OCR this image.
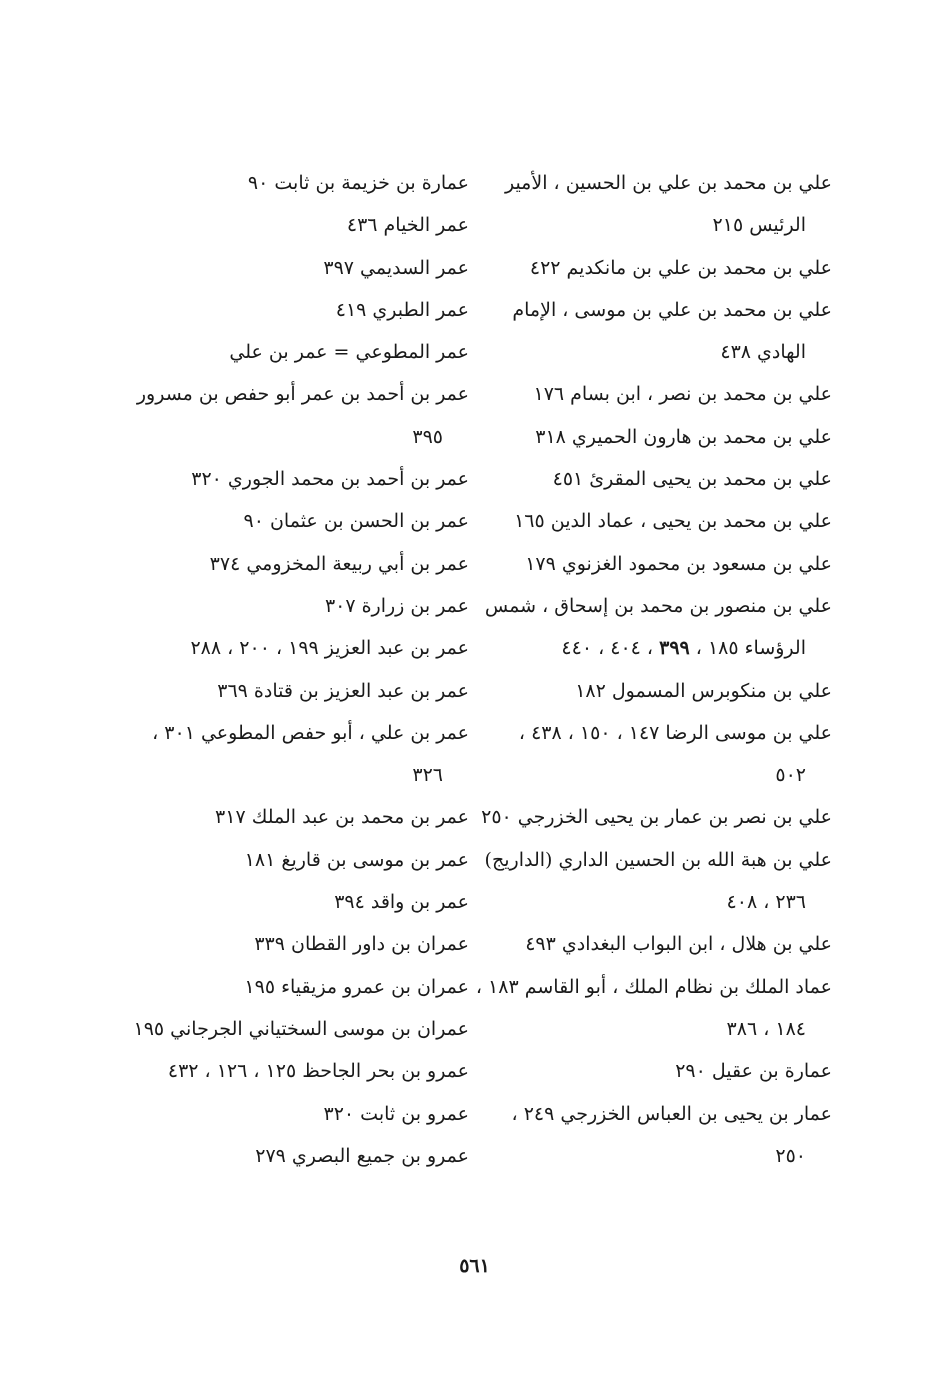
علي بن محمد بن علي بن الحسين ، الأمير
الرئيس ٢١٥
علي بن محمد بن علي بن مانكديم ٤٢٢
علي بن محمد بن علي بن موسى ، الإمام
الهادي ٤٣٨
علي بن محمد بن نصر ، ابن بسام ١٧٦
علي بن محمد بن هارون الحميري ٣١٨
علي بن محمد بن يحيى المقرئ ٤٥١
علي بن محمد بن يحيى ، عماد الدين ١٦٥
علي بن مسعود بن محمود الغزنوي ١٧٩
علي بن منصور بن محمد بن إسحاق ، شمس
الرؤساء ١٨٥ ، ٣٩٩ ، ٤٠٤ ، ٤٤٠
علي بن منكوبرس المسمول ١٨٢
علي بن موسى الرضا ١٤٧ ، ١٥٠ ، ٤٣٨ ،
٥٠٢
علي بن نصر بن عمار بن يحيى الخزرجي ٢٥٠
علي بن هبة الله بن الحسين الداري (الداريج)
٢٣٦ ، ٤٠٨
علي بن هلال ، ابن البواب البغدادي ٤٩٣
عماد الملك بن نظام الملك ، أبو القاسم ١٨٣ ،
١٨٤ ، ٣٨٦
عمارة بن عقيل ٢٩٠
عمار بن يحيى بن العباس الخزرجي ٢٤٩ ،
٢٥٠
عمارة بن خزيمة بن ثابت ٩٠
عمر الخيام ٤٣٦
عمر السديمي ٣٩٧
عمر الطبري ٤١٩
عمر المطوعي = عمر بن علي
عمر بن أحمد بن عمر أبو حفص بن مسرور
٣٩٥
عمر بن أحمد بن محمد الجوري ٣٢٠
عمر بن الحسن بن عثمان ٩٠
عمر بن أبي ربيعة المخزومي ٣٧٤
عمر بن زرارة ٣٠٧
عمر بن عبد العزيز ١٩٩ ، ٢٠٠ ، ٢٨٨
عمر بن عبد العزيز بن قتادة ٣٦٩
عمر بن علي ، أبو حفص المطوعي ٣٠١ ،
٣٢٦
عمر بن محمد بن عبد الملك ٣١٧
عمر بن موسى بن قاريغ ١٨١
عمر بن واقد ٣٩٤
عمران بن داور القطان ٣٣٩
عمران بن عمرو مزيقياء ١٩٥
عمران بن موسى السختياني الجرجاني ١٩٥
عمرو بن بحر الجاحظ ١٢٥ ، ١٢٦ ، ٤٣٢
عمرو بن ثابت ٣٢٠
عمرو بن جميع البصري ٢٧٩
٥٦١
